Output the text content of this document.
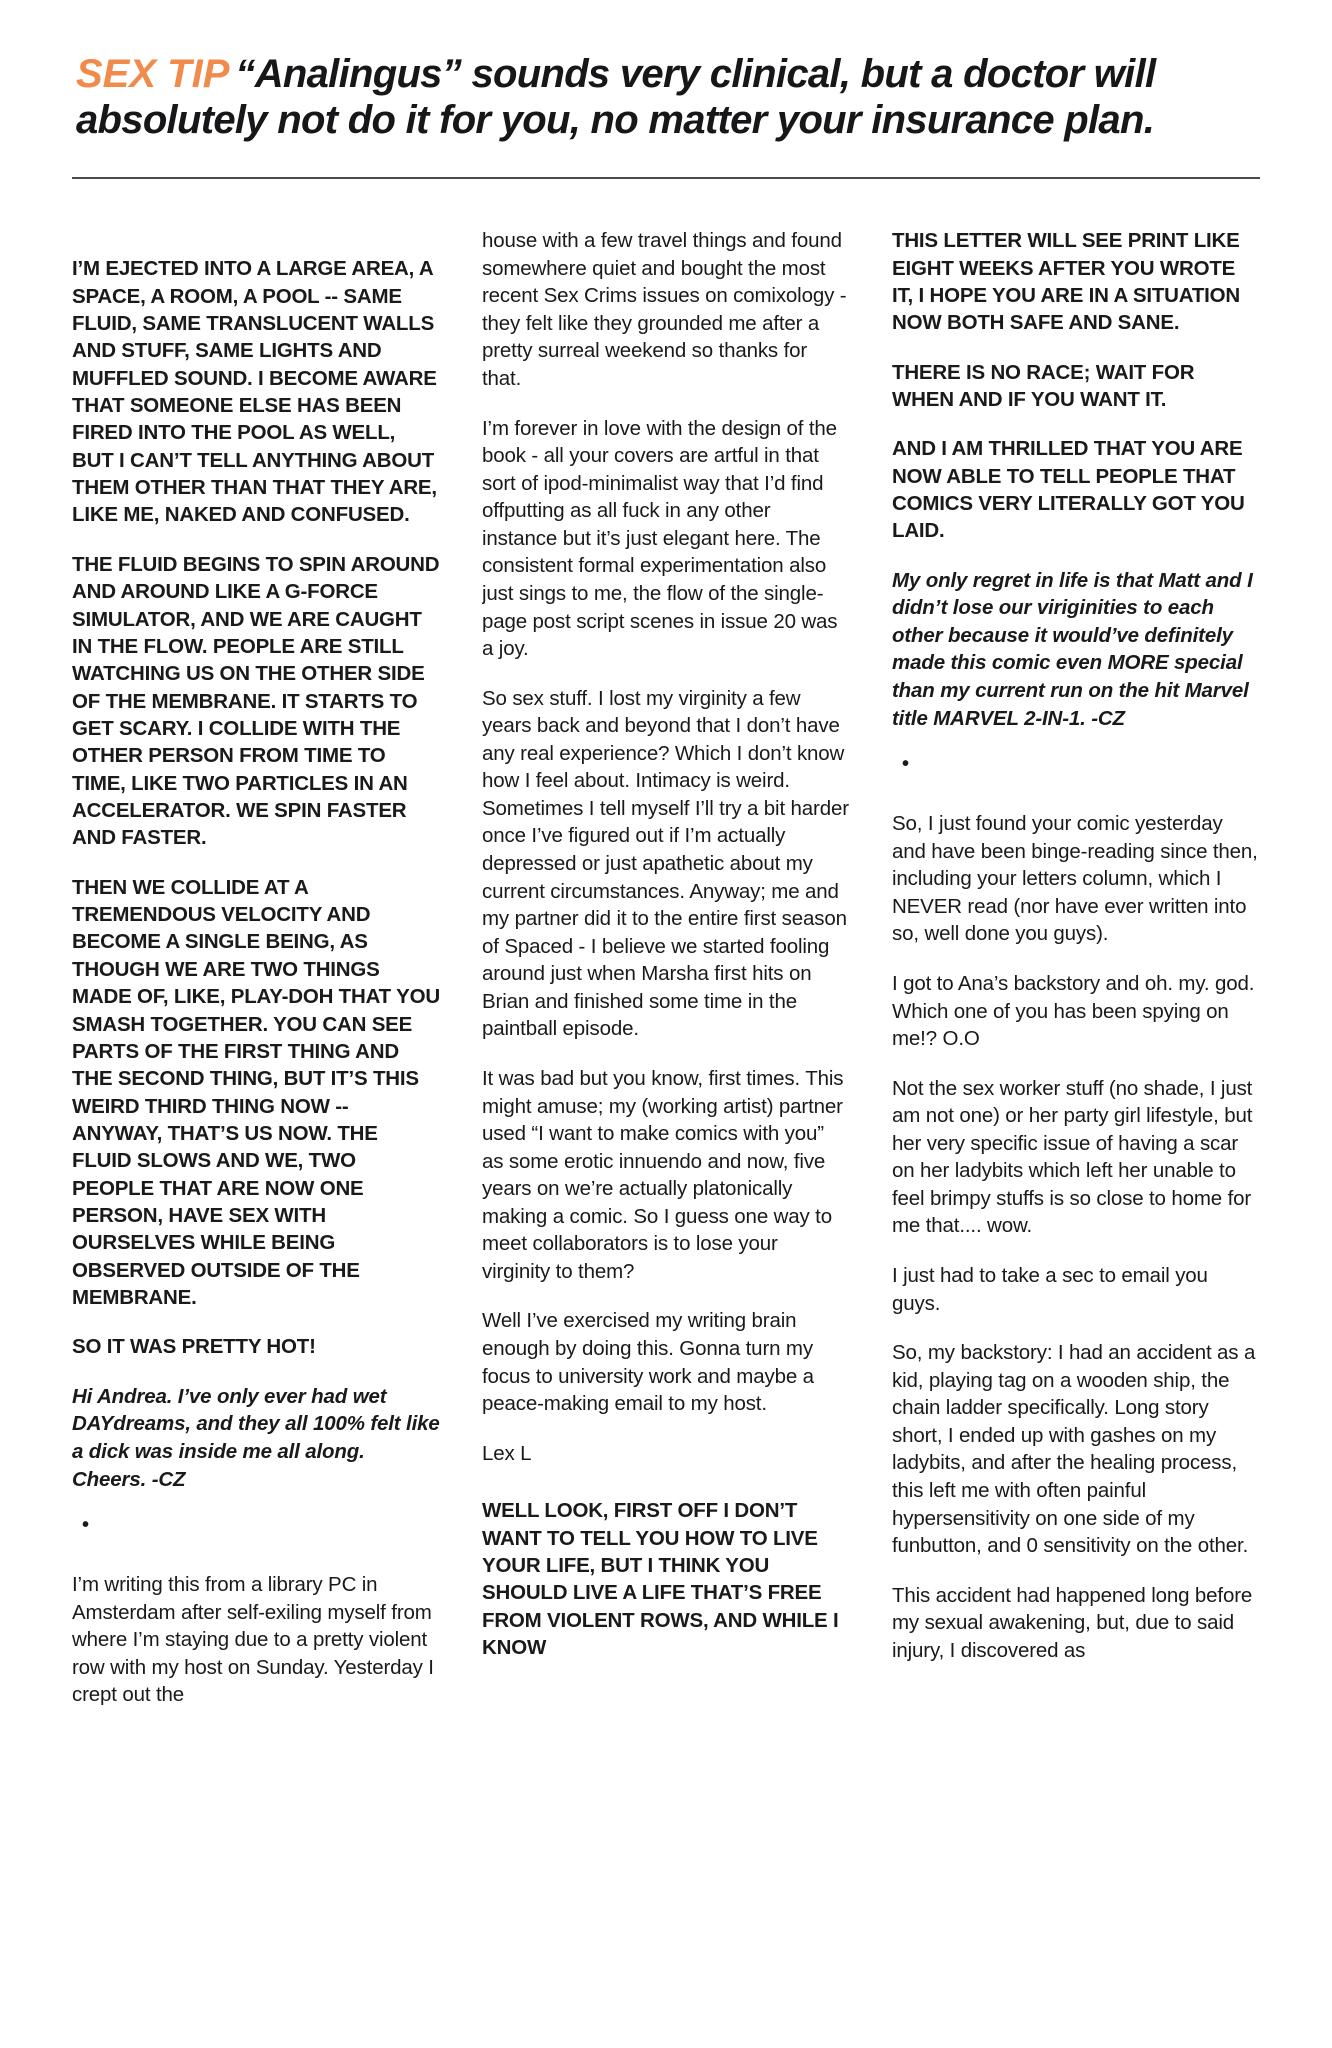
SEX TIP “Analingus” sounds very clinical, but a doctor will absolutely not do it for you, no matter your insurance plan.

I’M EJECTED INTO A LARGE AREA, A SPACE, A ROOM, A POOL -- SAME FLUID, SAME TRANSLUCENT WALLS AND STUFF, SAME LIGHTS AND MUFFLED SOUND. I BECOME AWARE THAT SOMEONE ELSE HAS BEEN FIRED INTO THE POOL AS WELL, BUT I CAN’T TELL ANYTHING ABOUT THEM OTHER THAN THAT THEY ARE, LIKE ME, NAKED AND CONFUSED.

THE FLUID BEGINS TO SPIN AROUND AND AROUND LIKE A G-FORCE SIMULATOR, AND WE ARE CAUGHT IN THE FLOW. PEOPLE ARE STILL WATCHING US ON THE OTHER SIDE OF THE MEMBRANE. IT STARTS TO GET SCARY. I COLLIDE WITH THE OTHER PERSON FROM TIME TO TIME, LIKE TWO PARTICLES IN AN ACCELERATOR. WE SPIN FASTER AND FASTER.

THEN WE COLLIDE AT A TREMENDOUS VELOCITY AND BECOME A SINGLE BEING, AS THOUGH WE ARE TWO THINGS MADE OF, LIKE, PLAY-DOH THAT YOU SMASH TOGETHER. YOU CAN SEE PARTS OF THE FIRST THING AND THE SECOND THING, BUT IT’S THIS WEIRD THIRD THING NOW -- ANYWAY, THAT’S US NOW. THE FLUID SLOWS AND WE, TWO PEOPLE THAT ARE NOW ONE PERSON, HAVE SEX WITH OURSELVES WHILE BEING OBSERVED OUTSIDE OF THE MEMBRANE.

SO IT WAS PRETTY HOT!

Hi Andrea. I’ve only ever had wet DAYdreams, and they all 100% felt like a dick was inside me all along. Cheers. -CZ

•

I’m writing this from a library PC in Amsterdam after self-exiling myself from where I’m staying due to a pretty violent row with my host on Sunday. Yesterday I crept out the

house with a few travel things and found somewhere quiet and bought the most recent Sex Crims issues on comixology - they felt like they grounded me after a pretty surreal weekend so thanks for that.

I’m forever in love with the design of the book - all your covers are artful in that sort of ipod-minimalist way that I’d find offputting as all fuck in any other instance but it’s just elegant here. The consistent formal experimentation also just sings to me, the flow of the single-page post script scenes in issue 20 was a joy.

So sex stuff. I lost my virginity a few years back and beyond that I don’t have any real experience? Which I don’t know how I feel about. Intimacy is weird. Sometimes I tell myself I’ll try a bit harder once I’ve figured out if I’m actually depressed or just apathetic about my current circumstances. Anyway; me and my partner did it to the entire first season of Spaced - I believe we started fooling around just when Marsha first hits on Brian and finished some time in the paintball episode.

It was bad but you know, first times. This might amuse; my (working artist) partner used “I want to make comics with you” as some erotic innuendo and now, five years on we’re actually platonically making a comic. So I guess one way to meet collaborators is to lose your virginity to them?

Well I’ve exercised my writing brain enough by doing this. Gonna turn my focus to university work and maybe a peace-making email to my host.

Lex L

WELL LOOK, FIRST OFF I DON’T WANT TO TELL YOU HOW TO LIVE YOUR LIFE, BUT I THINK YOU SHOULD LIVE A LIFE THAT’S FREE FROM VIOLENT ROWS, AND WHILE I KNOW

THIS LETTER WILL SEE PRINT LIKE EIGHT WEEKS AFTER YOU WROTE IT, I HOPE YOU ARE IN A SITUATION NOW BOTH SAFE AND SANE.

THERE IS NO RACE; WAIT FOR WHEN AND IF YOU WANT IT.

AND I AM THRILLED THAT YOU ARE NOW ABLE TO TELL PEOPLE THAT COMICS VERY LITERALLY GOT YOU LAID.

My only regret in life is that Matt and I didn’t lose our viriginities to each other because it would’ve definitely made this comic even MORE special than my current run on the hit Marvel title MARVEL 2-IN-1. -CZ

•

So, I just found your comic yesterday and have been binge-reading since then, including your letters column, which I NEVER read (nor have ever written into so, well done you guys).

I got to Ana’s backstory and oh. my. god. Which one of you has been spying on me!? O.O

Not the sex worker stuff (no shade, I just am not one) or her party girl lifestyle, but her very specific issue of having a scar on her ladybits which left her unable to feel brimpy stuffs is so close to home for me that.... wow.

I just had to take a sec to email you guys.

So, my backstory: I had an accident as a kid, playing tag on a wooden ship, the chain ladder specifically. Long story short, I ended up with gashes on my ladybits, and after the healing process, this left me with often painful hypersensitivity on one side of my funbutton, and 0 sensitivity on the other.

This accident had happened long before my sexual awakening, but, due to said injury, I discovered as
